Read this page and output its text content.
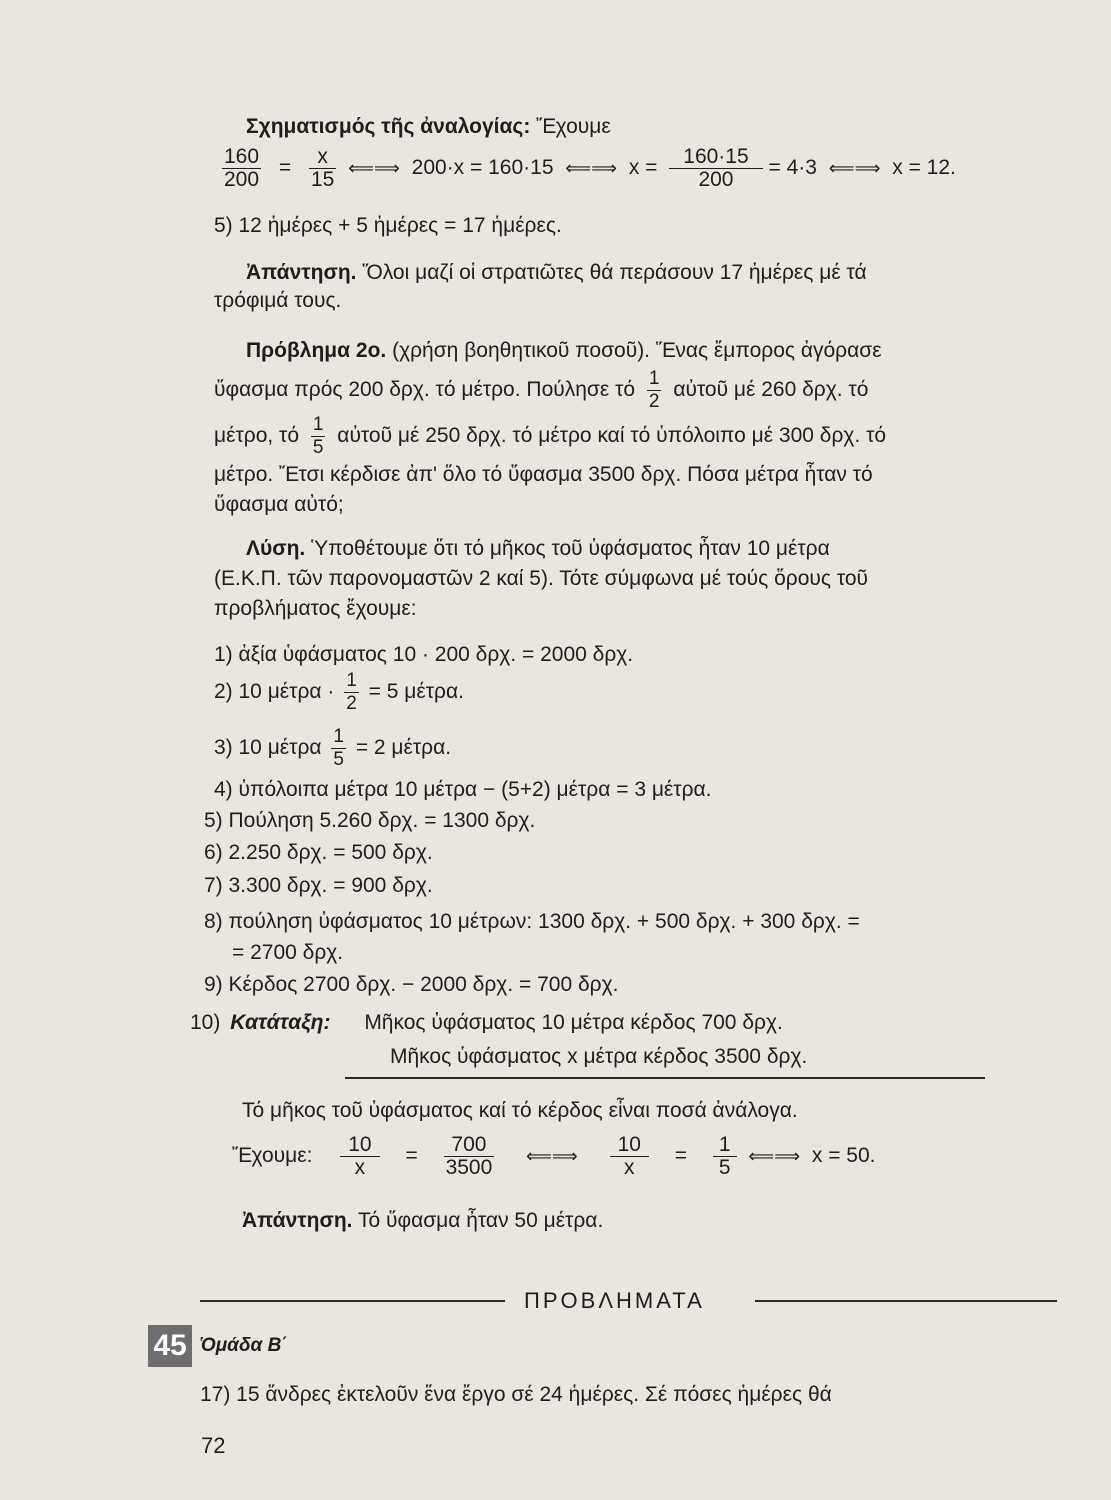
Σχηματισμός τῆς ἀναλογίας: Ἔχουμε
$\frac{160}{200} = \frac{x}{15}$ ⟸⟹ 200·x = 160·15 ⟸⟹ $x = \frac{160\cdot 15}{200} = 4\cdot 3$ ⟸⟹ x = 12.
5) 12 ἡμέρες + 5 ἡμέρες = 17 ἡμέρες.
Ἀπάντηση. Ὅλοι μαζί οἱ στρατιῶτες θά περάσουν 17 ἡμέρες μέ τά
τρόφιμά τους.
Πρόβλημα 2ο. (χρήση βοηθητικοῦ ποσοῦ). Ἕνας ἔμπορος ἀγόρασε
ὕφασμα πρός 200 δρχ. τό μέτρο. Πούλησε τό $\frac{1}{2}$ αὐτοῦ μέ 260 δρχ. τό
μέτρο, τό $\frac{1}{5}$ αὐτοῦ μέ 250 δρχ. τό μέτρο καί τό ὑπόλοιπο μέ 300 δρχ. τό
μέτρο. Ἔτσι κέρδισε ἀπ' ὅλο τό ὕφασμα 3500 δρχ. Πόσα μέτρα ἦταν τό
ὕφασμα αὐτό;
Λύση. Ὑποθέτουμε ὅτι τό μῆκος τοῦ ὑφάσματος ἦταν 10 μέτρα
(Ε.Κ.Π. τῶν παρονομαστῶν 2 καί 5). Τότε σύμφωνα μέ τούς ὅρους τοῦ
προβλήματος ἔχουμε:
1) ἀξία ὑφάσματος 10 · 200 δρχ. = 2000 δρχ.
2) 10 $\mu έ\tau\rho\alpha \cdot \frac{1}{2} = 5$ μέτρα.
3) 10 μέτρα $\frac{1}{5} = 2$ μέτρα.
4) ὑπόλοιπα μέτρα 10 μέτρα − (5+2) μέτρα = 3 μέτρα.
5) Πούληση 5.260 δρχ. = 1300 δρχ.
6) 2.250 δρχ. = 500 δρχ.
7) 3.300 δρχ. = 900 δρχ.
8) πούληση ὑφάσματος 10 μέτρων: 1300 δρχ. + 500 δρχ. + 300 δρχ. =
= 2700 δρχ.
9) Κέρδος 2700 δρχ. − 2000 δρχ. = 700 δρχ.
10) Κατάταξη: Μῆκος ὑφάσματος 10 μέτρα κέρδος 700 δρχ.
Μῆκος ὑφάσματος x μέτρα κέρδος 3500 δρχ.
Τό μῆκος τοῦ ὑφάσματος καί τό κέρδος εἶναι ποσά ἀνάλογα.
Ἔχουμε: $\frac{10}{x} = \frac{700}{3500}$ ⟸⟹ $\frac{10}{x} = \frac{1}{5}$ ⟸⟹ x = 50.
Ἀπάντηση. Τό ὕφασμα ἦταν 50 μέτρα.
ΠΡΟΒΛΗΜΑΤΑ
45 Ὁμάδα Β΄
17) 15 ἄνδρες ἐκτελοῦν ἕνα ἔργο σέ 24 ἡμέρες. Σέ πόσες ἡμέρες θά
72
